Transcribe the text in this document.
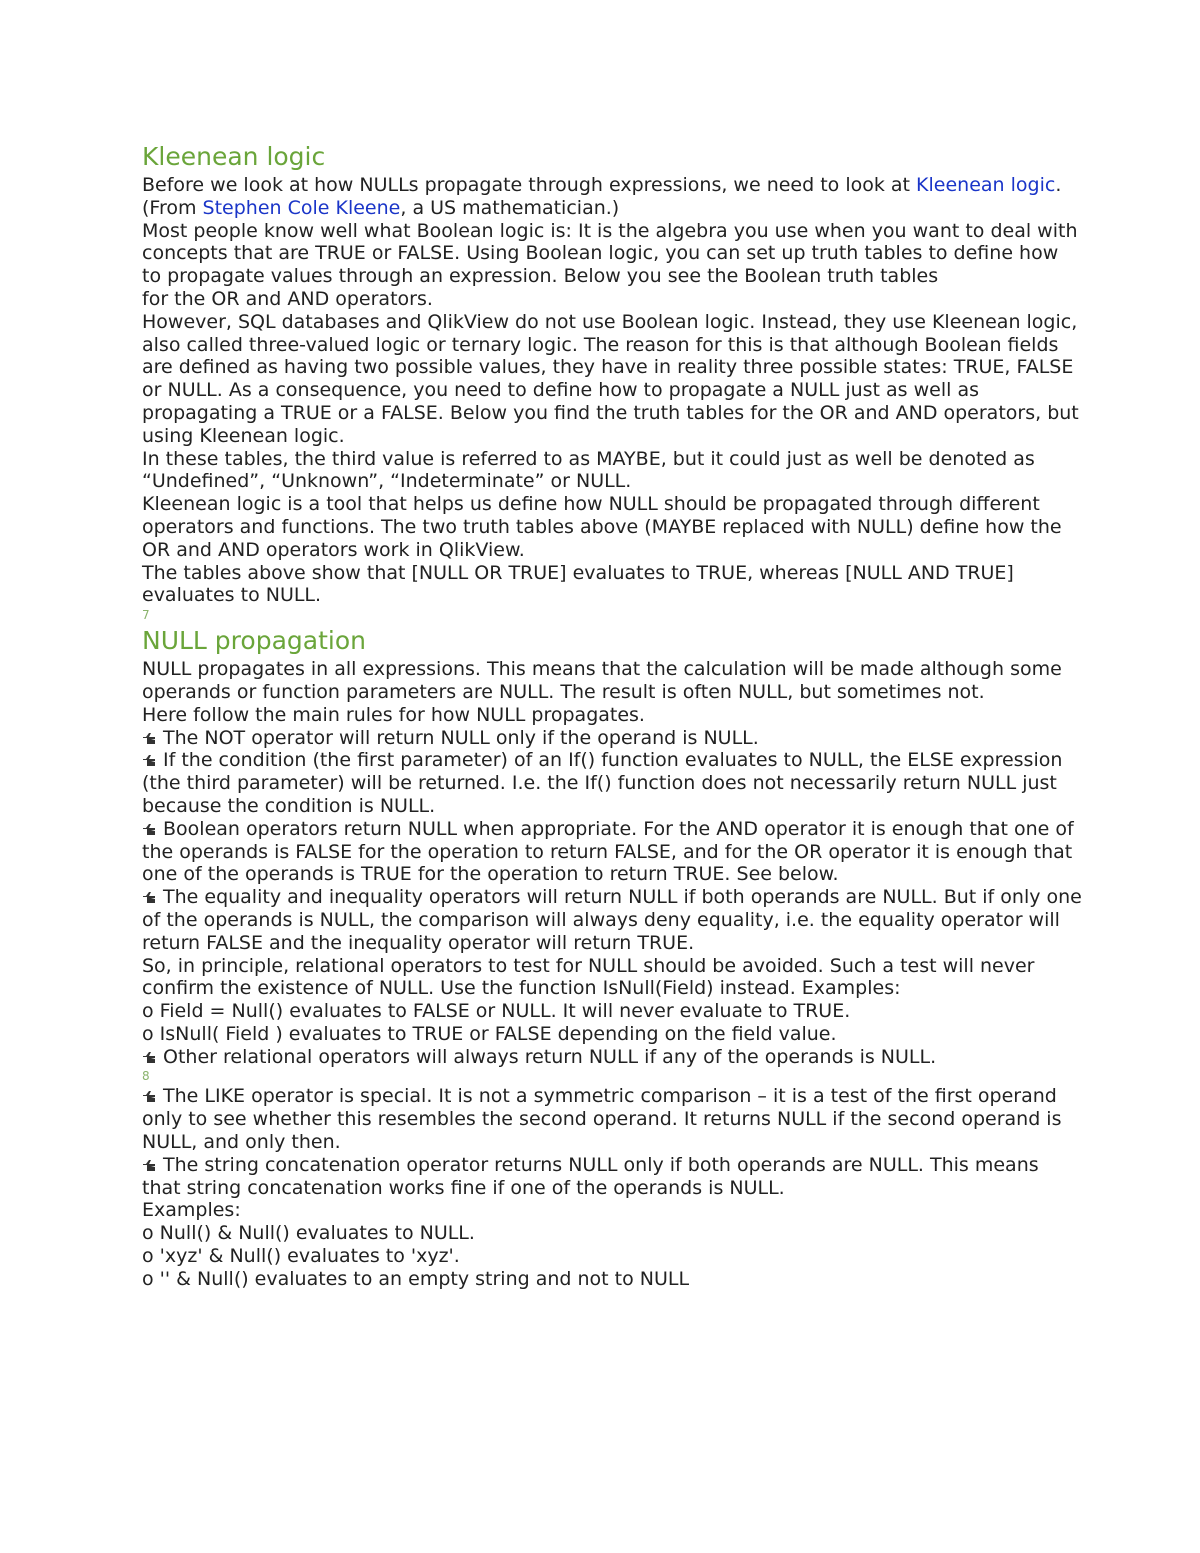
Kleenean logic

Before we look at how NULLs propagate through expressions, we need to look at Kleenean logic. (From Stephen Cole Kleene, a US mathematician.)

Most people know well what Boolean logic is: It is the algebra you use when you want to deal with concepts that are TRUE or FALSE. Using Boolean logic, you can set up truth tables to define how to propagate values through an expression. Below you see the Boolean truth tables

for the OR and AND operators.

However, SQL databases and QlikView do not use Boolean logic. Instead, they use Kleenean logic, also called three-valued logic or ternary logic. The reason for this is that although Boolean fields are defined as having two possible values, they have in reality three possible states: TRUE, FALSE or NULL. As a consequence, you need to define how to propagate a NULL just as well as propagating a TRUE or a FALSE. Below you find the truth tables for the OR and AND operators, but using Kleenean logic.

In these tables, the third value is referred to as MAYBE, but it could just as well be denoted as

“Undefined”, “Unknown”, “Indeterminate” or NULL.

Kleenean logic is a tool that helps us define how NULL should be propagated through different

operators and functions. The two truth tables above (MAYBE replaced with NULL) define how the OR and AND operators work in QlikView.

The tables above show that [NULL OR TRUE] evaluates to TRUE, whereas [NULL AND TRUE] evaluates to NULL.

7

NULL propagation

NULL propagates in all expressions. This means that the calculation will be made although some operands or function parameters are NULL. The result is often NULL, but sometimes not.

Here follow the main rules for how NULL propagates.

The NOT operator will return NULL only if the operand is NULL.

If the condition (the first parameter) of an If() function evaluates to NULL, the ELSE expression (the third parameter) will be returned. I.e. the If() function does not necessarily return NULL just because the condition is NULL.

Boolean operators return NULL when appropriate. For the AND operator it is enough that one of the operands is FALSE for the operation to return FALSE, and for the OR operator it is enough that one of the operands is TRUE for the operation to return TRUE. See below.

The equality and inequality operators will return NULL if both operands are NULL. But if only one of the operands is NULL, the comparison will always deny equality, i.e. the equality operator will return FALSE and the inequality operator will return TRUE.

So, in principle, relational operators to test for NULL should be avoided. Such a test will never confirm the existence of NULL. Use the function IsNull(Field) instead. Examples:

o Field = Null() evaluates to FALSE or NULL. It will never evaluate to TRUE.

o IsNull( Field ) evaluates to TRUE or FALSE depending on the field value.

Other relational operators will always return NULL if any of the operands is NULL.

8

The LIKE operator is special. It is not a symmetric comparison – it is a test of the first operand only to see whether this resembles the second operand. It returns NULL if the second operand is NULL, and only then.

The string concatenation operator returns NULL only if both operands are NULL. This means that string concatenation works fine if one of the operands is NULL.

Examples:

o Null() & Null() evaluates to NULL.

o 'xyz' & Null() evaluates to 'xyz'.

o '' & Null() evaluates to an empty string and not to NULL
